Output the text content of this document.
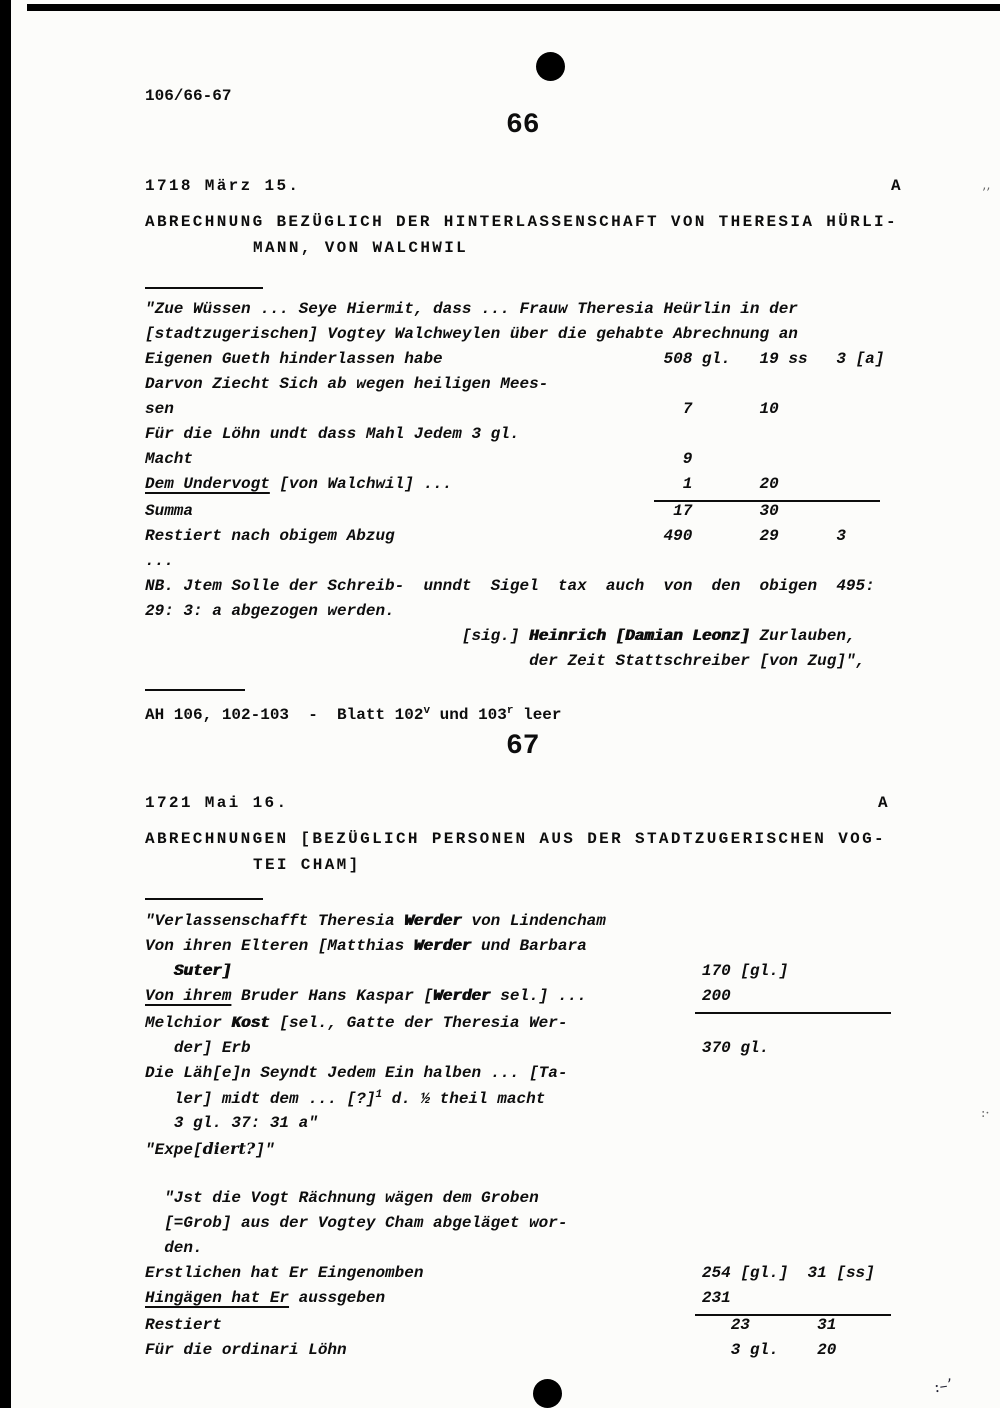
106/66-67
66
1718 März 15.	A
ABRECHNUNG BEZÜGLICH DER HINTERLASSENSCHAFT VON THERESIA HÜRLI-
MANN, VON WALCHWIL
"Zue Wüssen ... Seye Hiermit, dass ... Frauw Theresia Heürlin in der
[stadtzugerischen] Vogtey Walchweylen über die gehabte Abrechnung an
Eigenen Gueth hinderlassen habe	508 gl. 19 ss 3 [a]
Darvon Ziecht Sich ab wegen heiligen Mees-
sen	7	10
Für die Löhn undt dass Mahl Jedem 3 gl.
Macht	9
Dem Undervogt [von Walchwil] ...	1	20
Summa	17	30
Restiert nach obigem Abzug	490	29	3
...
NB. Jtem Solle der Schreib-  unndt  Sigel  tax  auch  von  den  obigen  495:
29: 3: a abgezogen werden.
[sig.] Heinrich [Damian Leonz] Zurlauben,
der Zeit Stattschreiber [von Zug]",
AH 106, 102-103  -  Blatt 102$^v$ und 103$^r$ leer
67
1721 Mai 16.	A
ABRECHNUNGEN [BEZÜGLICH PERSONEN AUS DER STADTZUGERISCHEN VOG-
TEI CHAM]
"Verlassenschafft Theresia Werder von Lindencham
Von ihren Elteren [Matthias Werder und Barbara
Suter]	170 [gl.]
Von ihrem Bruder Hans Kaspar [Werder sel.] ...	200
Melchior Kost [sel., Gatte der Theresia Wer-
der] Erb	370 gl.
Die Läh[e]n Seyndt Jedem Ein halben ... [Ta-
ler] midt dem ... [?]$^1$ d. ½ theil macht
3 gl. 37: 31 a"
"Expe[diert?]"

"Jst die Vogt Rächnung wägen dem Groben
[=Grob] aus der Vogtey Cham abgeläget wor-
den.
Erstlichen hat Er Eingenomben	254 [gl.] 31 [ss]
Hingägen hat Er aussgeben	231
Restiert	23	31
Für die ordinari Löhn	3 gl. 20
’’
:·
:–’
